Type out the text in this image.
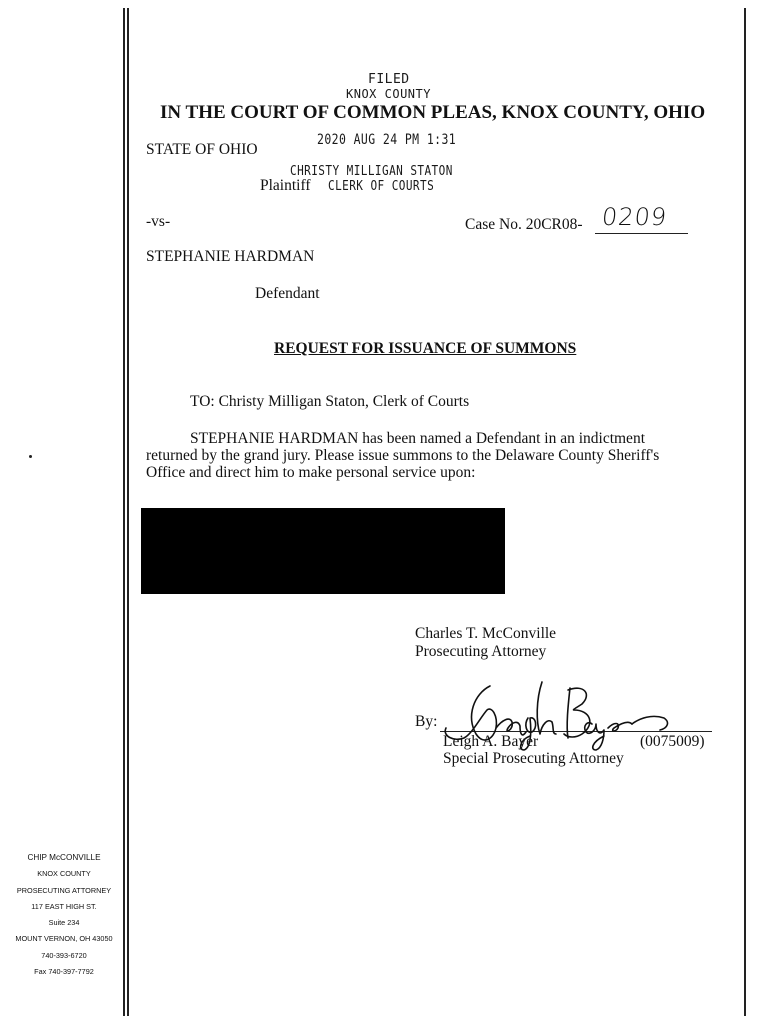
FILED
KNOX COUNTY
IN THE COURT OF COMMON PLEAS, KNOX COUNTY, OHIO
2020 AUG 24 PM 1:31
STATE OF OHIO
CHRISTY MILLIGAN STATON
Plaintiff CLERK OF COURTS
-vs-	Case No. 20CR08- 0209
STEPHANIE HARDMAN
Defendant
REQUEST FOR ISSUANCE OF SUMMONS
TO: Christy Milligan Staton, Clerk of Courts
STEPHANIE HARDMAN has been named a Defendant in an indictment
returned by the grand jury. Please issue summons to the Delaware County Sheriff's
Office and direct him to make personal service upon:
Charles T. McConville
Prosecuting Attorney
By:
Leigh A. Bayer	(0075009)
Special Prosecuting Attorney
CHIP McCONVILLE
KNOX COUNTY
PROSECUTING ATTORNEY
117 EAST HIGH ST.
Suite 234
MOUNT VERNON, OH 43050
740-393-6720
Fax 740-397-7792
